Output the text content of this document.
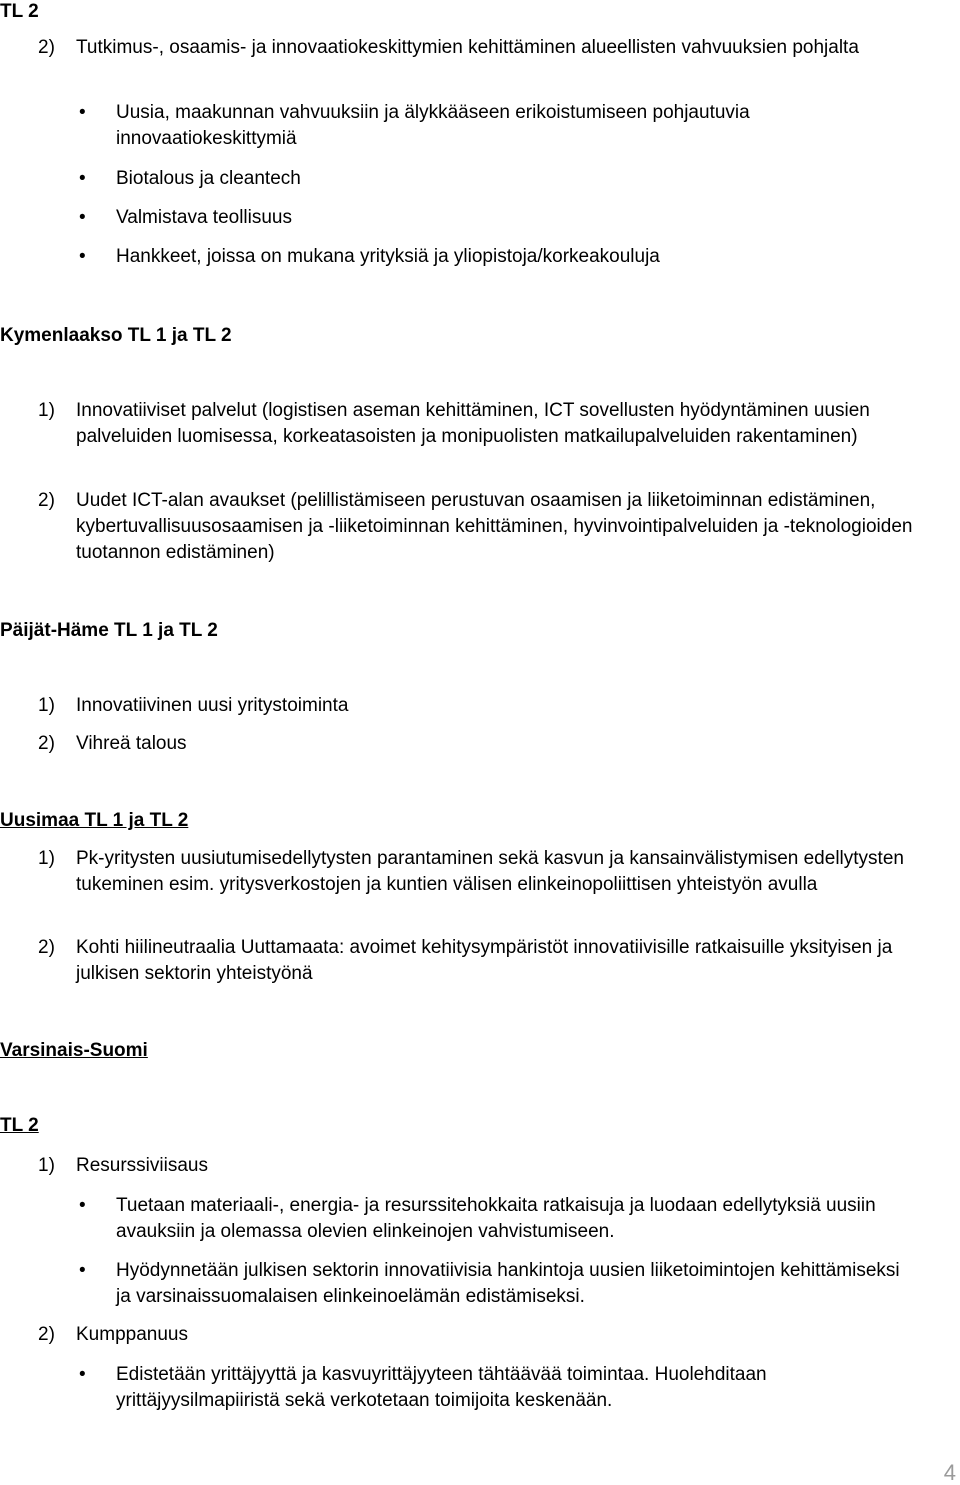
TL 2
2) Tutkimus-, osaamis- ja innovaatiokeskittymien kehittäminen alueellisten vahvuuksien pohjalta
•
Uusia, maakunnan vahvuuksiin ja älykkääseen erikoistumiseen pohjautuvia innovaatiokeskittymiä
•
Biotalous ja cleantech
•
Valmistava teollisuus
•
Hankkeet, joissa on mukana yrityksiä ja yliopistoja/korkeakouluja
Kymenlaakso TL 1 ja TL 2
1) Innovatiiviset palvelut (logistisen aseman kehittäminen, ICT sovellusten hyödyntäminen uusien palveluiden luomisessa, korkeatasoisten ja monipuolisten matkailupalveluiden rakentaminen)
2) Uudet ICT-alan avaukset (pelillistämiseen perustuvan osaamisen ja liiketoiminnan edistäminen, kybertuvallisuusosaamisen ja -liiketoiminnan kehittäminen, hyvinvointipalveluiden ja -teknologioiden tuotannon edistäminen)
Päijät-Häme TL 1 ja TL 2
1) Innovatiivinen uusi yritystoiminta
2) Vihreä talous
Uusimaa TL 1 ja TL 2
1) Pk-yritysten uusiutumisedellytysten parantaminen sekä kasvun ja kansainvälistymisen edellytysten tukeminen esim. yritysverkostojen ja kuntien välisen elinkeinopoliittisen yhteistyön avulla
2) Kohti hiilineutraalia Uuttamaata: avoimet kehitysympäristöt innovatiivisille ratkaisuille yksityisen ja julkisen sektorin yhteistyönä
Varsinais-Suomi
TL 2
1) Resurssiviisaus
•
Tuetaan materiaali-, energia- ja resurssitehokkaita ratkaisuja ja luodaan edellytyksiä uusiin avauksiin ja olemassa olevien elinkeinojen vahvistumiseen.
•
Hyödynnetään julkisen sektorin innovatiivisia hankintoja uusien liiketoimintojen kehittämiseksi ja varsinaissuomalaisen elinkeinoelämän edistämiseksi.
2) Kumppanuus
•
Edistetään yrittäjyyttä ja kasvuyrittäjyyteen tähtäävää toimintaa. Huolehditaan yrittäjyysilmapiiristä sekä verkotetaan toimijoita keskenään.
4
